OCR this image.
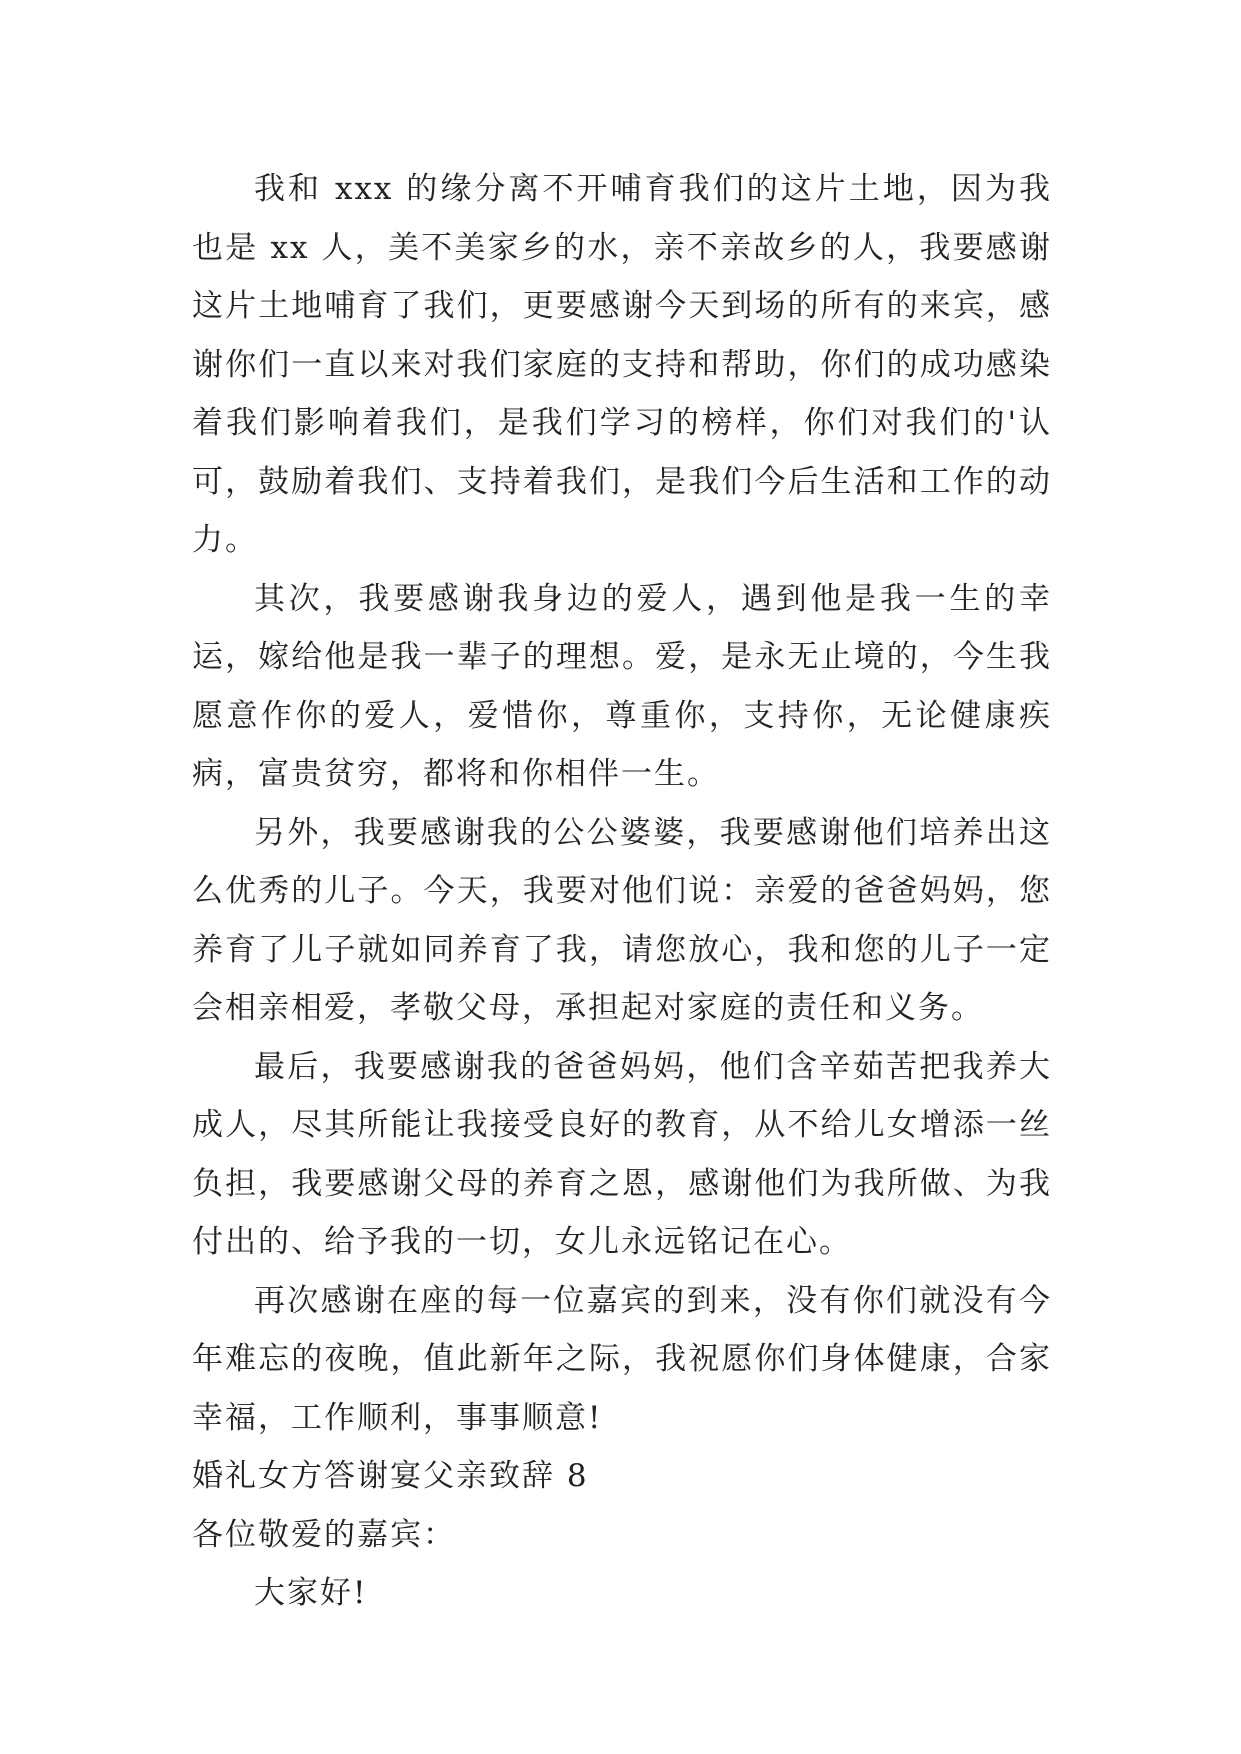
我和 xxx 的缘分离不开哺育我们的这片土地，因为我也是 xx 人，美不美家乡的水，亲不亲故乡的人，我要感谢这片土地哺育了我们，更要感谢今天到场的所有的来宾，感谢你们一直以来对我们家庭的支持和帮助，你们的成功感染着我们影响着我们，是我们学习的榜样，你们对我们的'认可，鼓励着我们、支持着我们，是我们今后生活和工作的动力。

其次，我要感谢我身边的爱人，遇到他是我一生的幸运，嫁给他是我一辈子的理想。爱，是永无止境的，今生我愿意作你的爱人，爱惜你，尊重你，支持你，无论健康疾病，富贵贫穷，都将和你相伴一生。

另外，我要感谢我的公公婆婆，我要感谢他们培养出这么优秀的儿子。今天，我要对他们说：亲爱的爸爸妈妈，您养育了儿子就如同养育了我，请您放心，我和您的儿子一定会相亲相爱，孝敬父母，承担起对家庭的责任和义务。

最后，我要感谢我的爸爸妈妈，他们含辛茹苦把我养大成人，尽其所能让我接受良好的教育，从不给儿女增添一丝负担，我要感谢父母的养育之恩，感谢他们为我所做、为我付出的、给予我的一切，女儿永远铭记在心。

再次感谢在座的每一位嘉宾的到来，没有你们就没有今年难忘的夜晚，值此新年之际，我祝愿你们身体健康，合家幸福，工作顺利，事事顺意!

婚礼女方答谢宴父亲致辞 8

各位敬爱的嘉宾：

大家好!
